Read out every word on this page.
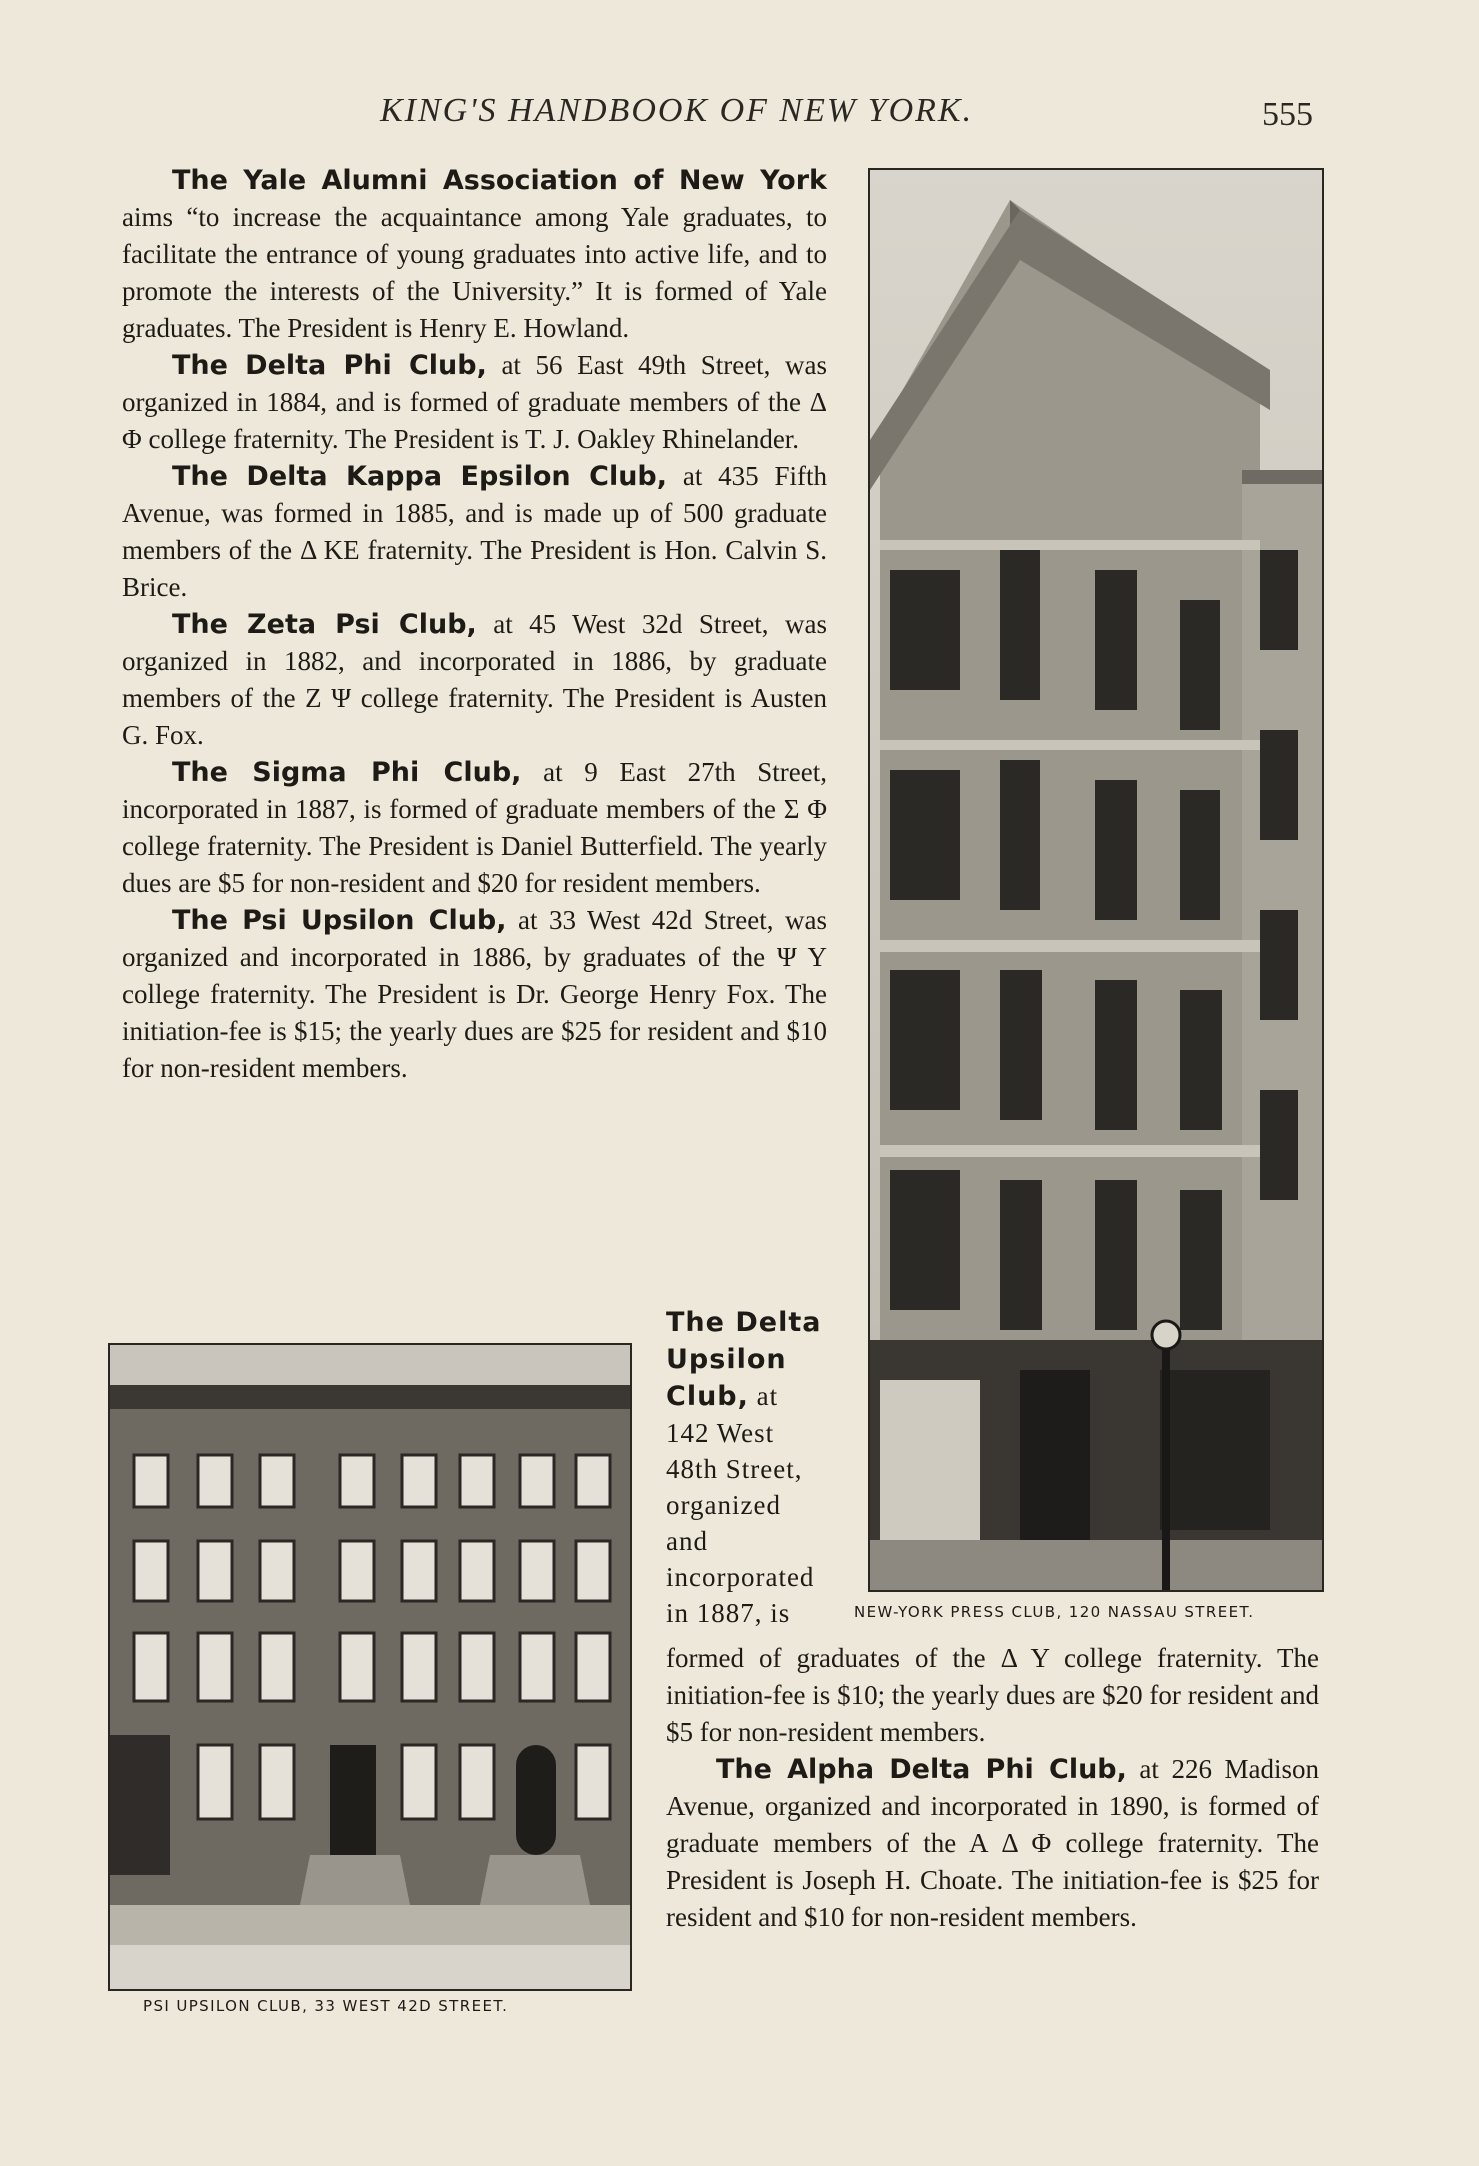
KING'S HANDBOOK OF NEW YORK.	555

The Yale Alumni Association of New York aims “to increase the acquaintance among Yale graduates, to facilitate the entrance of young graduates into active life, and to promote the interests of the University.” It is formed of Yale graduates. The President is Henry E. Howland.

The Delta Phi Club, at 56 East 49th Street, was organized in 1884, and is formed of graduate members of the Δ Φ college fraternity. The President is T. J. Oakley Rhinelander.

The Delta Kappa Epsilon Club, at 435 Fifth Avenue, was formed in 1885, and is made up of 500 graduate members of the Δ KE fraternity. The President is Hon. Calvin S. Brice.

The Zeta Psi Club, at 45 West 32d Street, was organized in 1882, and incorporated in 1886, by graduate members of the Z Ψ college fraternity. The President is Austen G. Fox.

The Sigma Phi Club, at 9 East 27th Street, incorporated in 1887, is formed of graduate members of the Σ Φ college fraternity. The President is Daniel Butterfield. The yearly dues are $5 for non-resident and $20 for resident members.

The Psi Upsilon Club, at 33 West 42d Street, was organized and incorporated in 1886, by graduates of the Ψ Υ college fraternity. The President is Dr. George Henry Fox. The initiation-fee is $15; the yearly dues are $25 for resident and $10 for non-resident members.

The Delta Upsilon Club, at 142 West 48th Street, organized and incorporated in 1887, is

formed of graduates of the Δ Υ college fraternity. The initiation-fee is $10; the yearly dues are $20 for resident and $5 for non-resident members.

The Alpha Delta Phi Club, at 226 Madison Avenue, organized and incorporated in 1890, is formed of graduate members of the A Δ Φ college fraternity. The President is Joseph H. Choate. The initiation-fee is $25 for resident and $10 for non-resident members.

NEW-YORK PRESS CLUB, 120 NASSAU STREET.
PSI UPSILON CLUB, 33 WEST 42D STREET.
